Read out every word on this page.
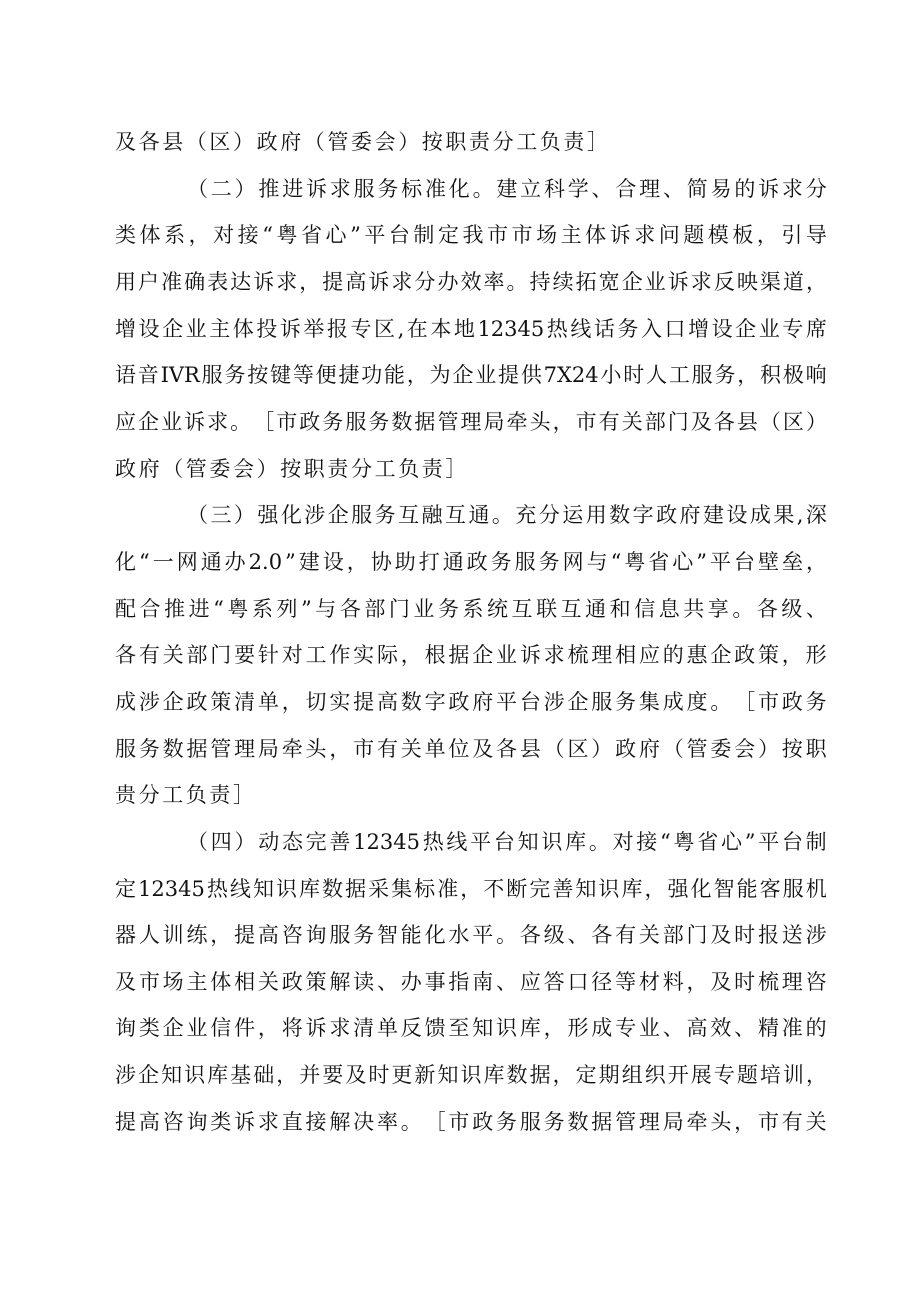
及各县（区）政府（管委会）按职责分工负责］
（ 二 ） 推 进 诉 求 服 务 标 准 化 。 建 立 科 学 、 合 理 、 简 易 的 诉 求 分
类 体 系 ， 对 接 “ 粤 省 心 ” 平 台 制 定 我 市 市 场 主 体 诉 求 问 题 模 板 ， 引 导
用 户 准 确 表 达 诉 求 ， 提 高 诉 求 分 办 效 率 。 持 续 拓 宽 企 业 诉 求 反 映 渠 道 ，
增 设 企 业 主 体 投 诉 举 报 专 区 , 在 本 地 12345 热 线 话 务 入 口 增 设 企 业 专 席
语 音 IVR 服 务 按 键 等 便 捷 功 能 ， 为 企 业 提 供 7X24 小 时 人 工 服 务 ， 积 极 响
应 企 业 诉 求 。 ［ 市 政 务 服 务 数 据 管 理 局 牵 头 ， 市 有 关 部 门 及 各 县 （ 区 ）
政府（管委会）按职责分工负责］
（ 三 ） 强 化 涉 企 服 务 互 融 互 通 。 充 分 运 用 数 字 政 府 建 设 成 果 , 深
化 “ 一 网 通 办 2.0 ” 建 设 ， 协 助 打 通 政 务 服 务 网 与 “ 粤 省 心 ” 平 台 壁 垒 ，
配 合 推 进 “ 粤 系 列 ” 与 各 部 门 业 务 系 统 互 联 互 通 和 信 息 共 享 。 各 级 、
各 有 关 部 门 要 针 对 工 作 实 际 ， 根 据 企 业 诉 求 梳 理 相 应 的 惠 企 政 策 ， 形
成 涉 企 政 策 清 单 ， 切 实 提 高 数 字 政 府 平 台 涉 企 服 务 集 成 度 。 ［ 市 政 务
服 务 数 据 管 理 局 牵 头 ， 市 有 关 单 位 及 各 县 （ 区 ） 政 府 （ 管 委 会 ） 按 职
贵分工负责］
（ 四 ） 动 态 完 善 12345 热 线 平 台 知 识 库 。 对 接 “ 粤 省 心 ” 平 台 制
定 12345 热 线 知 识 库 数 据 采 集 标 准 ， 不 断 完 善 知 识 库 ， 强 化 智 能 客 服 机
器 人 训 练 ， 提 高 咨 询 服 务 智 能 化 水 平 。 各 级 、 各 有 关 部 门 及 时 报 送 涉
及 市 场 主 体 相 关 政 策 解 读 、 办 事 指 南 、 应 答 口 径 等 材 料 ， 及 时 梳 理 咨
询 类 企 业 信 件 ， 将 诉 求 清 单 反 馈 至 知 识 库 ， 形 成 专 业 、 高 效 、 精 准 的
涉 企 知 识 库 基 础 ， 并 要 及 时 更 新 知 识 库 数 据 ， 定 期 组 织 开 展 专 题 培 训 ，
提 高 咨 询 类 诉 求 直 接 解 决 率 。 ［ 市 政 务 服 务 数 据 管 理 局 牵 头 ， 市 有 关
